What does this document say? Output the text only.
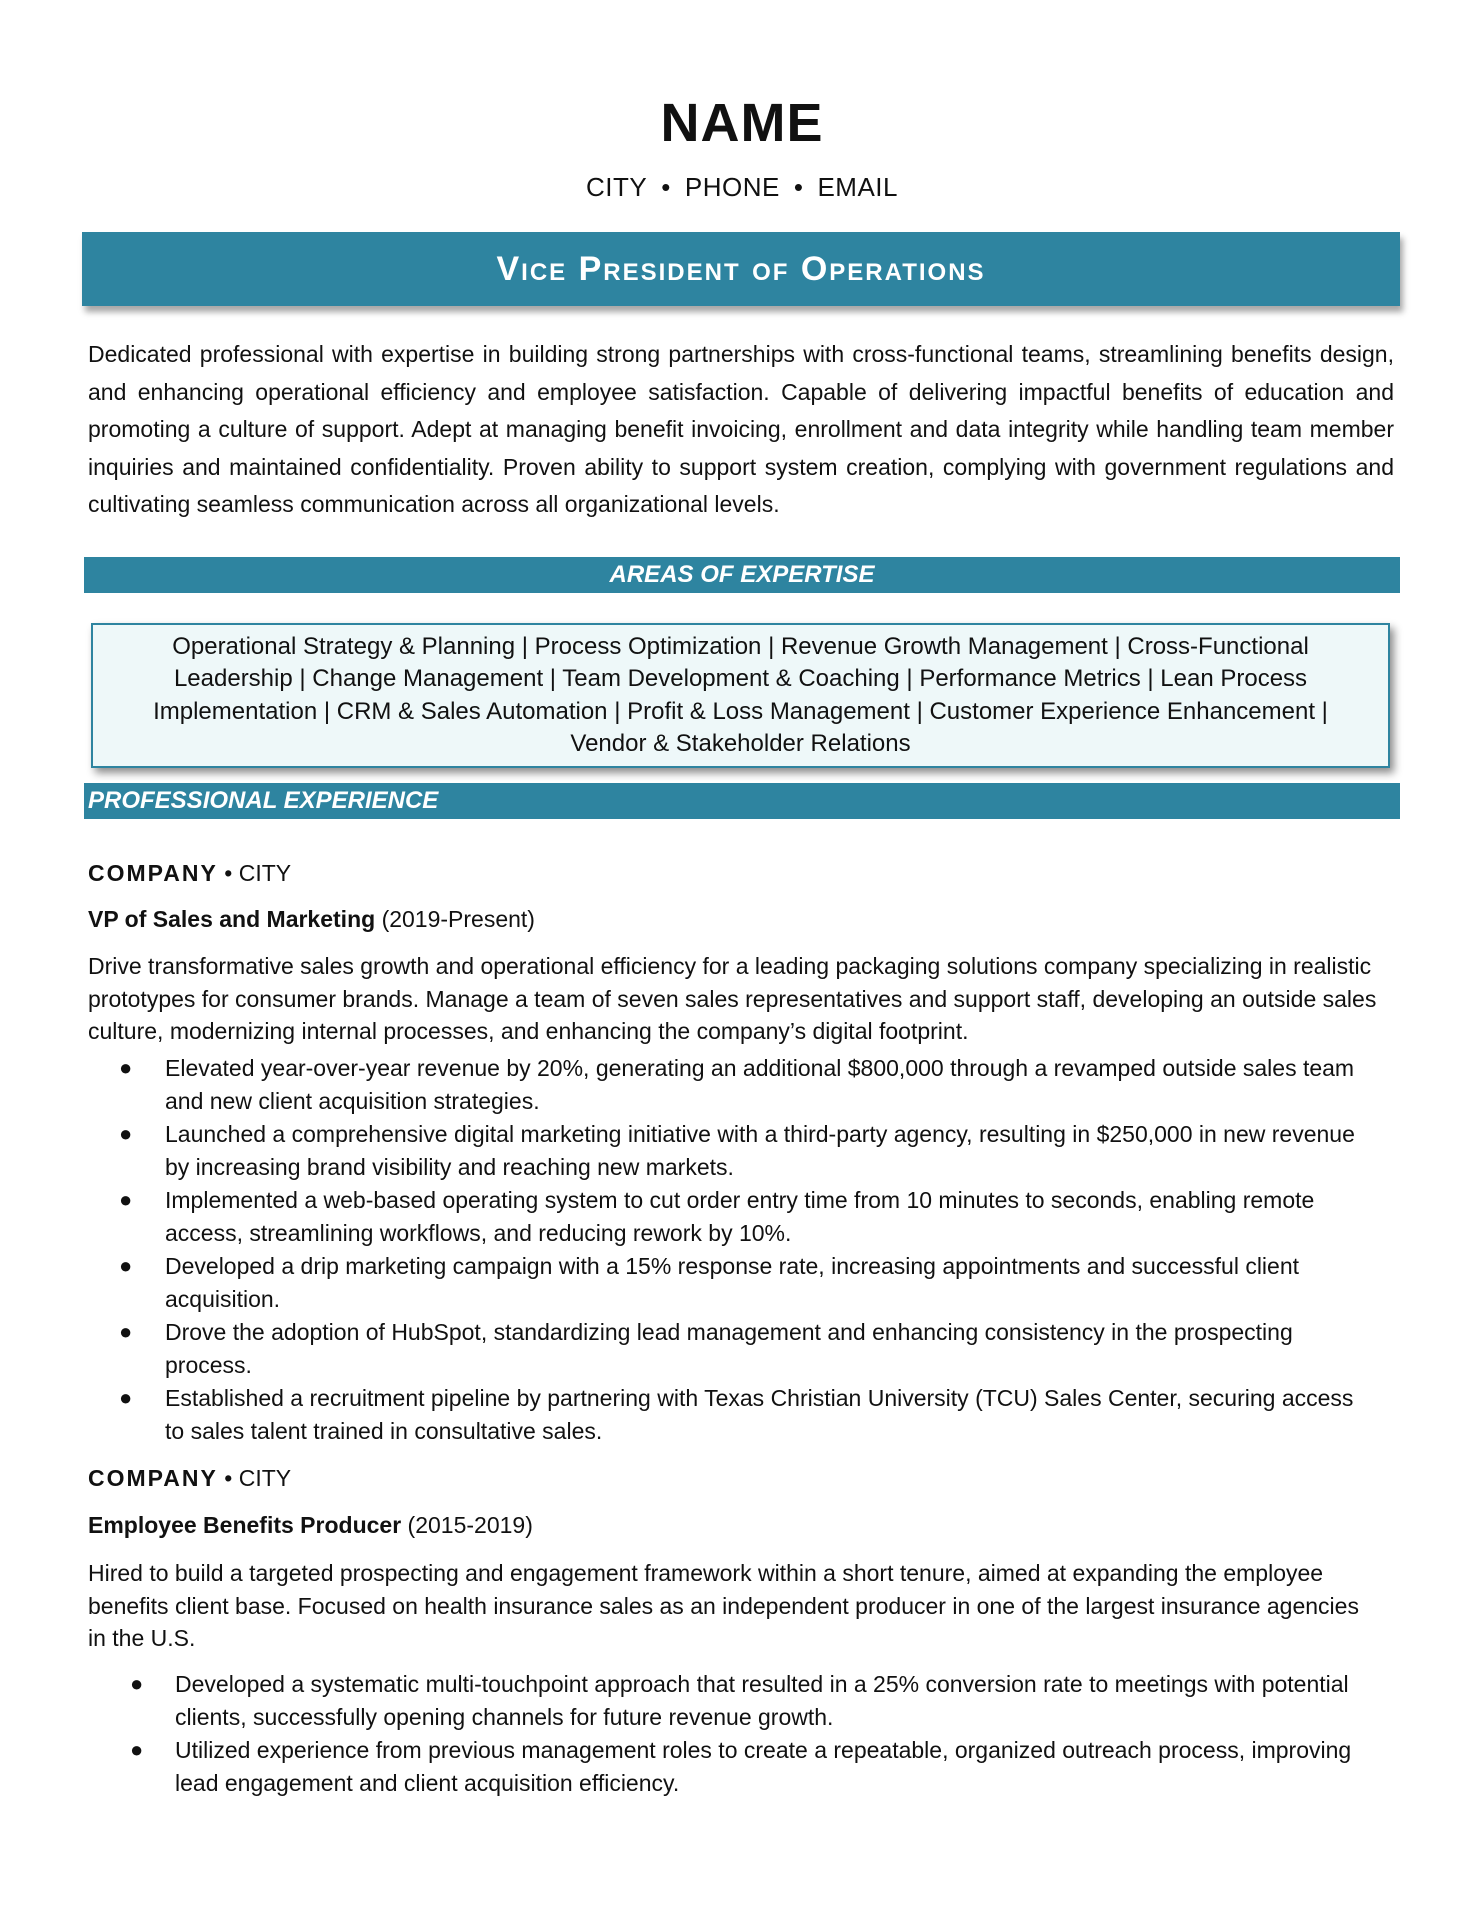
NAME
CITY • PHONE • EMAIL
Vice President of Operations
Dedicated professional with expertise in building strong partnerships with cross-functional teams, streamlining benefits design, and enhancing operational efficiency and employee satisfaction. Capable of delivering impactful benefits of education and promoting a culture of support. Adept at managing benefit invoicing, enrollment and data integrity while handling team member inquiries and maintained confidentiality. Proven ability to support system creation, complying with government regulations and cultivating seamless communication across all organizational levels.
AREAS OF EXPERTISE
Operational Strategy & Planning | Process Optimization | Revenue Growth Management | Cross-Functional Leadership | Change Management | Team Development & Coaching | Performance Metrics | Lean Process Implementation | CRM & Sales Automation | Profit & Loss Management | Customer Experience Enhancement | Vendor & Stakeholder Relations
PROFESSIONAL EXPERIENCE
COMPANY • CITY
VP of Sales and Marketing (2019-Present)
Drive transformative sales growth and operational efficiency for a leading packaging solutions company specializing in realistic prototypes for consumer brands. Manage a team of seven sales representatives and support staff, developing an outside sales culture, modernizing internal processes, and enhancing the company’s digital footprint.
● Elevated year-over-year revenue by 20%, generating an additional $800,000 through a revamped outside sales team and new client acquisition strategies.
● Launched a comprehensive digital marketing initiative with a third-party agency, resulting in $250,000 in new revenue by increasing brand visibility and reaching new markets.
● Implemented a web-based operating system to cut order entry time from 10 minutes to seconds, enabling remote access, streamlining workflows, and reducing rework by 10%.
● Developed a drip marketing campaign with a 15% response rate, increasing appointments and successful client acquisition.
● Drove the adoption of HubSpot, standardizing lead management and enhancing consistency in the prospecting process.
● Established a recruitment pipeline by partnering with Texas Christian University (TCU) Sales Center, securing access to sales talent trained in consultative sales.
COMPANY • CITY
Employee Benefits Producer (2015-2019)
Hired to build a targeted prospecting and engagement framework within a short tenure, aimed at expanding the employee benefits client base. Focused on health insurance sales as an independent producer in one of the largest insurance agencies in the U.S.
● Developed a systematic multi-touchpoint approach that resulted in a 25% conversion rate to meetings with potential clients, successfully opening channels for future revenue growth.
● Utilized experience from previous management roles to create a repeatable, organized outreach process, improving lead engagement and client acquisition efficiency.
